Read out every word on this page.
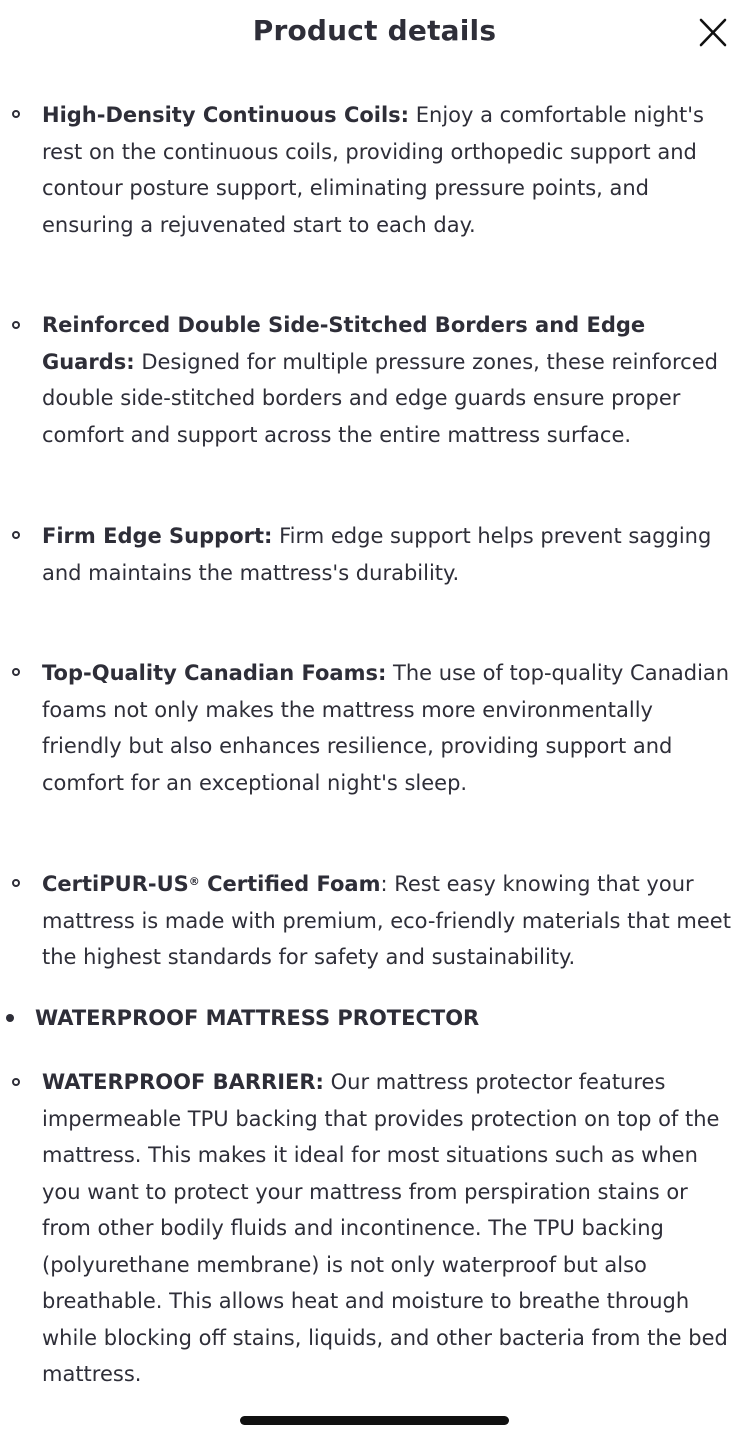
Product details
High-Density Continuous Coils: Enjoy a comfortable night's rest on the continuous coils, providing orthopedic support and contour posture support, eliminating pressure points, and ensuring a rejuvenated start to each day.
Reinforced Double Side-Stitched Borders and Edge Guards: Designed for multiple pressure zones, these reinforced double side-stitched borders and edge guards ensure proper comfort and support across the entire mattress surface.
Firm Edge Support: Firm edge support helps prevent sagging and maintains the mattress's durability.
Top-Quality Canadian Foams: The use of top-quality Canadian foams not only makes the mattress more environmentally friendly but also enhances resilience, providing support and comfort for an exceptional night's sleep.
CertiPUR-US® Certified Foam: Rest easy knowing that your mattress is made with premium, eco-friendly materials that meet the highest standards for safety and sustainability.
WATERPROOF MATTRESS PROTECTOR
WATERPROOF BARRIER: Our mattress protector features impermeable TPU backing that provides protection on top of the mattress. This makes it ideal for most situations such as when you want to protect your mattress from perspiration stains or from other bodily fluids and incontinence. The TPU backing (polyurethane membrane) is not only waterproof but also breathable. This allows heat and moisture to breathe through while blocking off stains, liquids, and other bacteria from the bed mattress.
